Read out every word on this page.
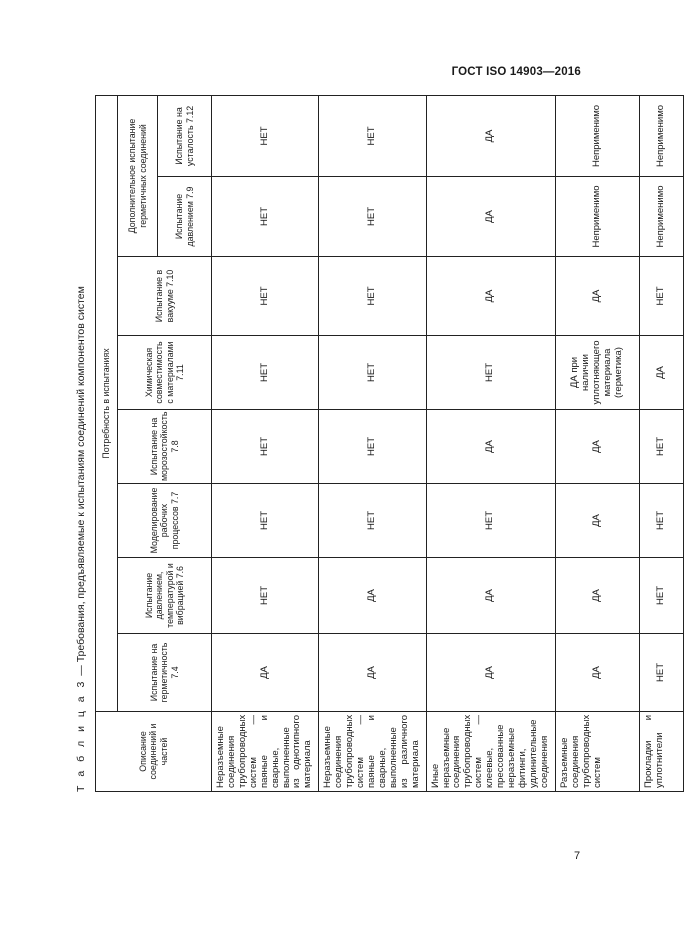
ГОСТ ISO 14903—2016
Т а б л и ц а 3 — Требования, предъявляемые к испытаниям соединений компонентов систем
Описание соединений и частей	Потребность в испытаниях							
	Испытание на герметичность 7.4	Испытание давлением, температурой и вибрацией 7.6	Моделирование рабочих процессов 7.7	Испытание на морозостойкость 7.8	Химическая совместимость с материалами 7.11	Испытание в вакууме 7.10	Дополнительное испытание герметичных соединений	
							Испытание давлением 7.9	Испытание на усталость 7.12
Неразъемные соединения трубопроводных систем — паяные и сварные, выполненные из однотипного материала	ДА	НЕТ	НЕТ	НЕТ	НЕТ	НЕТ	НЕТ	НЕТ
Неразъемные соединения трубопроводных систем — паяные и сварные, выполненные из различного материала	ДА	ДА	НЕТ	НЕТ	НЕТ	НЕТ	НЕТ	НЕТ
Иные неразъемные соединения трубопроводных систем — клеевые, прессованные неразъемные фитинги, удлинительные соединения	ДА	ДА	НЕТ	ДА	НЕТ	ДА	ДА	ДА
Разъемные соединения трубопроводных систем	ДА	ДА	ДА	ДА	ДА при наличии уплотняющего материала (герметика)	ДА	Неприменимо	Неприменимо
Прокладки и уплотнители	НЕТ	НЕТ	НЕТ	НЕТ	ДА	НЕТ	Неприменимо	Неприменимо
7
